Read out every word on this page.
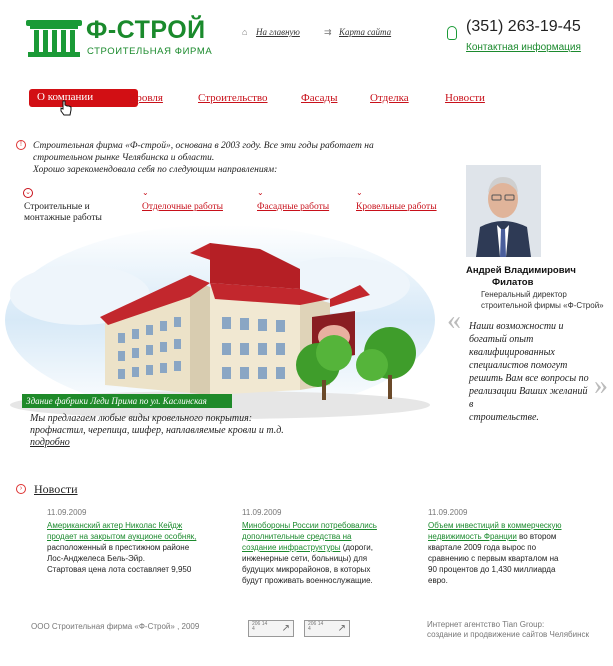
Ф-СТРОЙ
СТРОИТЕЛЬНАЯ ФИРМА
⌂ На главную	⇉ Карта сайта	(351) 263-19-45
Контактная информация
О компании	Кровля	Строительство	Фасады	Отделка	Новости
!	Строительная фирма «Ф-строй», основана в 2003 году. Все эти годы работает на
строительном рынке Челябинска и области.
Хорошо зарекомендовала себя по следующим направлениям:
⌄
Строительные и
монтажные работы
⌄
Отделочные работы
⌄
Фасадные работы
⌄
Кровельные работы
Здание фабрики Леди Прима по ул. Каслинская
Мы предлагаем любые виды кровельного покрытия:
профнастил, черепица, шифер, наплавляемые кровли и т.д.
подробно
Андрей Владимирович
Филатов
Генеральный директор
строительной фирмы «Ф-Строй»
« Наши возможности и
богатый опыт
квалифицированных
специалистов помогут
решить Вам все вопросы по
реализации Ваших желаний в
строительстве.
»
› Новости
11.09.2009
Американский актер Николас Кейдж
продает на закрытом аукционе особняк,
расположенный в престижном районе
Лос-Анджелеса Бель-Эйр.
Стартовая цена лота составляет 9,950
11.09.2009
Минобороны России потребовались
дополнительные средства на
создание инфраструктуры (дороги,
инженерные сети, больницы) для
будущих микрорайонов, в которых
будут проживать военнослужащие.
11.09.2009
Объем инвестиций в коммерческую
недвижимость Франции во втором
квартале 2009 года вырос по
сравнению с первым кварталом на
90 процентов до 1,430 миллиарда
евро.
ООО Строительная фирма «Ф-Строй» , 2009	206 14 4	↗	206 14 4	↗	Интернет агентство Tian Group:
создание и продвижение сайтов Челябинск
